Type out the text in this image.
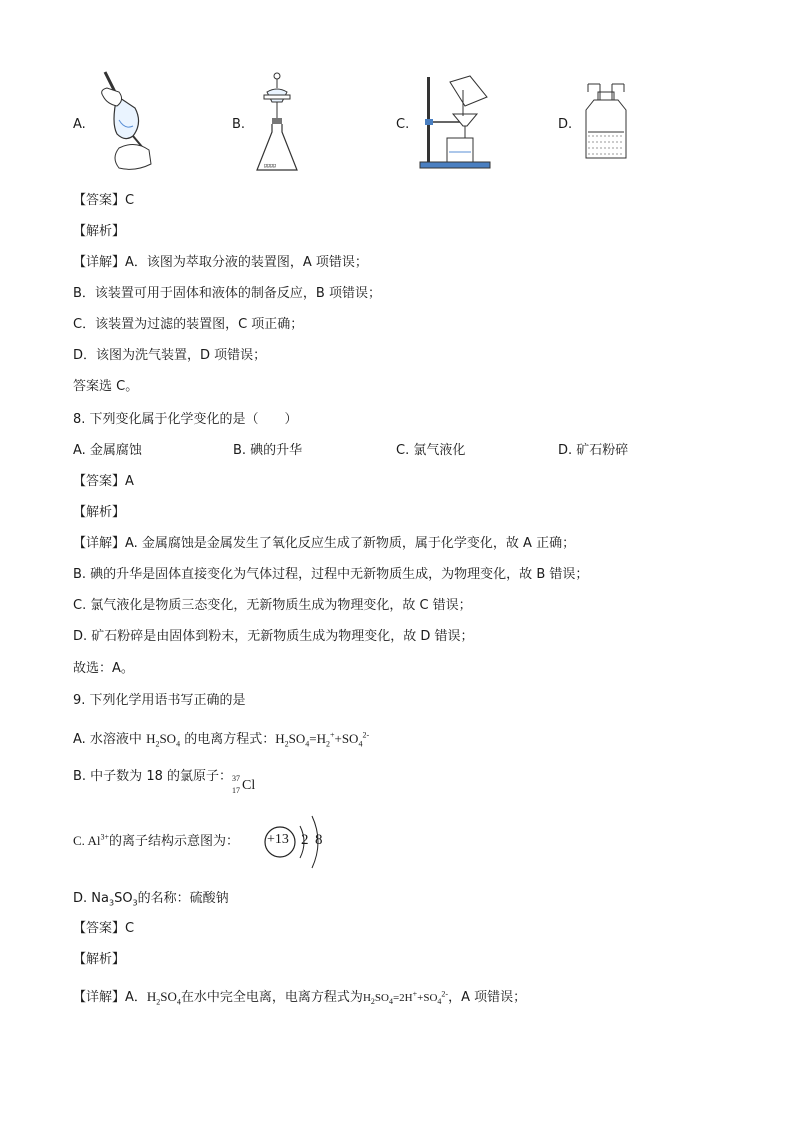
A.	B.
ﾛﾛﾛﾛ
C.	D.
【答案】C
【解析】
【详解】A．该图为萃取分液的装置图，A 项错误；
B．该装置可用于固体和液体的制备反应，B 项错误；
C．该装置为过滤的装置图，C 项正确；
D．该图为洗气装置，D 项错误；
答案选 C。
8. 下列变化属于化学变化的是（　　）
A. 金属腐蚀	B. 碘的升华	C. 氯气液化	D. 矿石粉碎
【答案】A
【解析】
【详解】A. 金属腐蚀是金属发生了氧化反应生成了新物质，属于化学变化，故 A 正确；
B. 碘的升华是固体直接变化为气体过程，过程中无新物质生成，为物理变化，故 B 错误；
C. 氯气液化是物质三态变化，无新物质生成为物理变化，故 C 错误；
D. 矿石粉碎是由固体到粉末，无新物质生成为物理变化，故 D 错误；
故选：A。
9. 下列化学用语书写正确的是
A. 水溶液中 $H_2SO_4$ 的电离方程式：$H_2SO_4=H_2^++SO_4^{2-}$
B. 中子数为 18 的氯原子： 37
17 Cl
C. $Al^{3+}$的离子结构示意图为： +13 2 8
D. $Na_3SO_3$的名称：硫酸钠
【答案】C
【解析】
【详解】A．$H_2SO_4$在水中完全电离，电离方程式为$H_2SO_4=2H^++SO_4^{2-}$，A 项错误；
